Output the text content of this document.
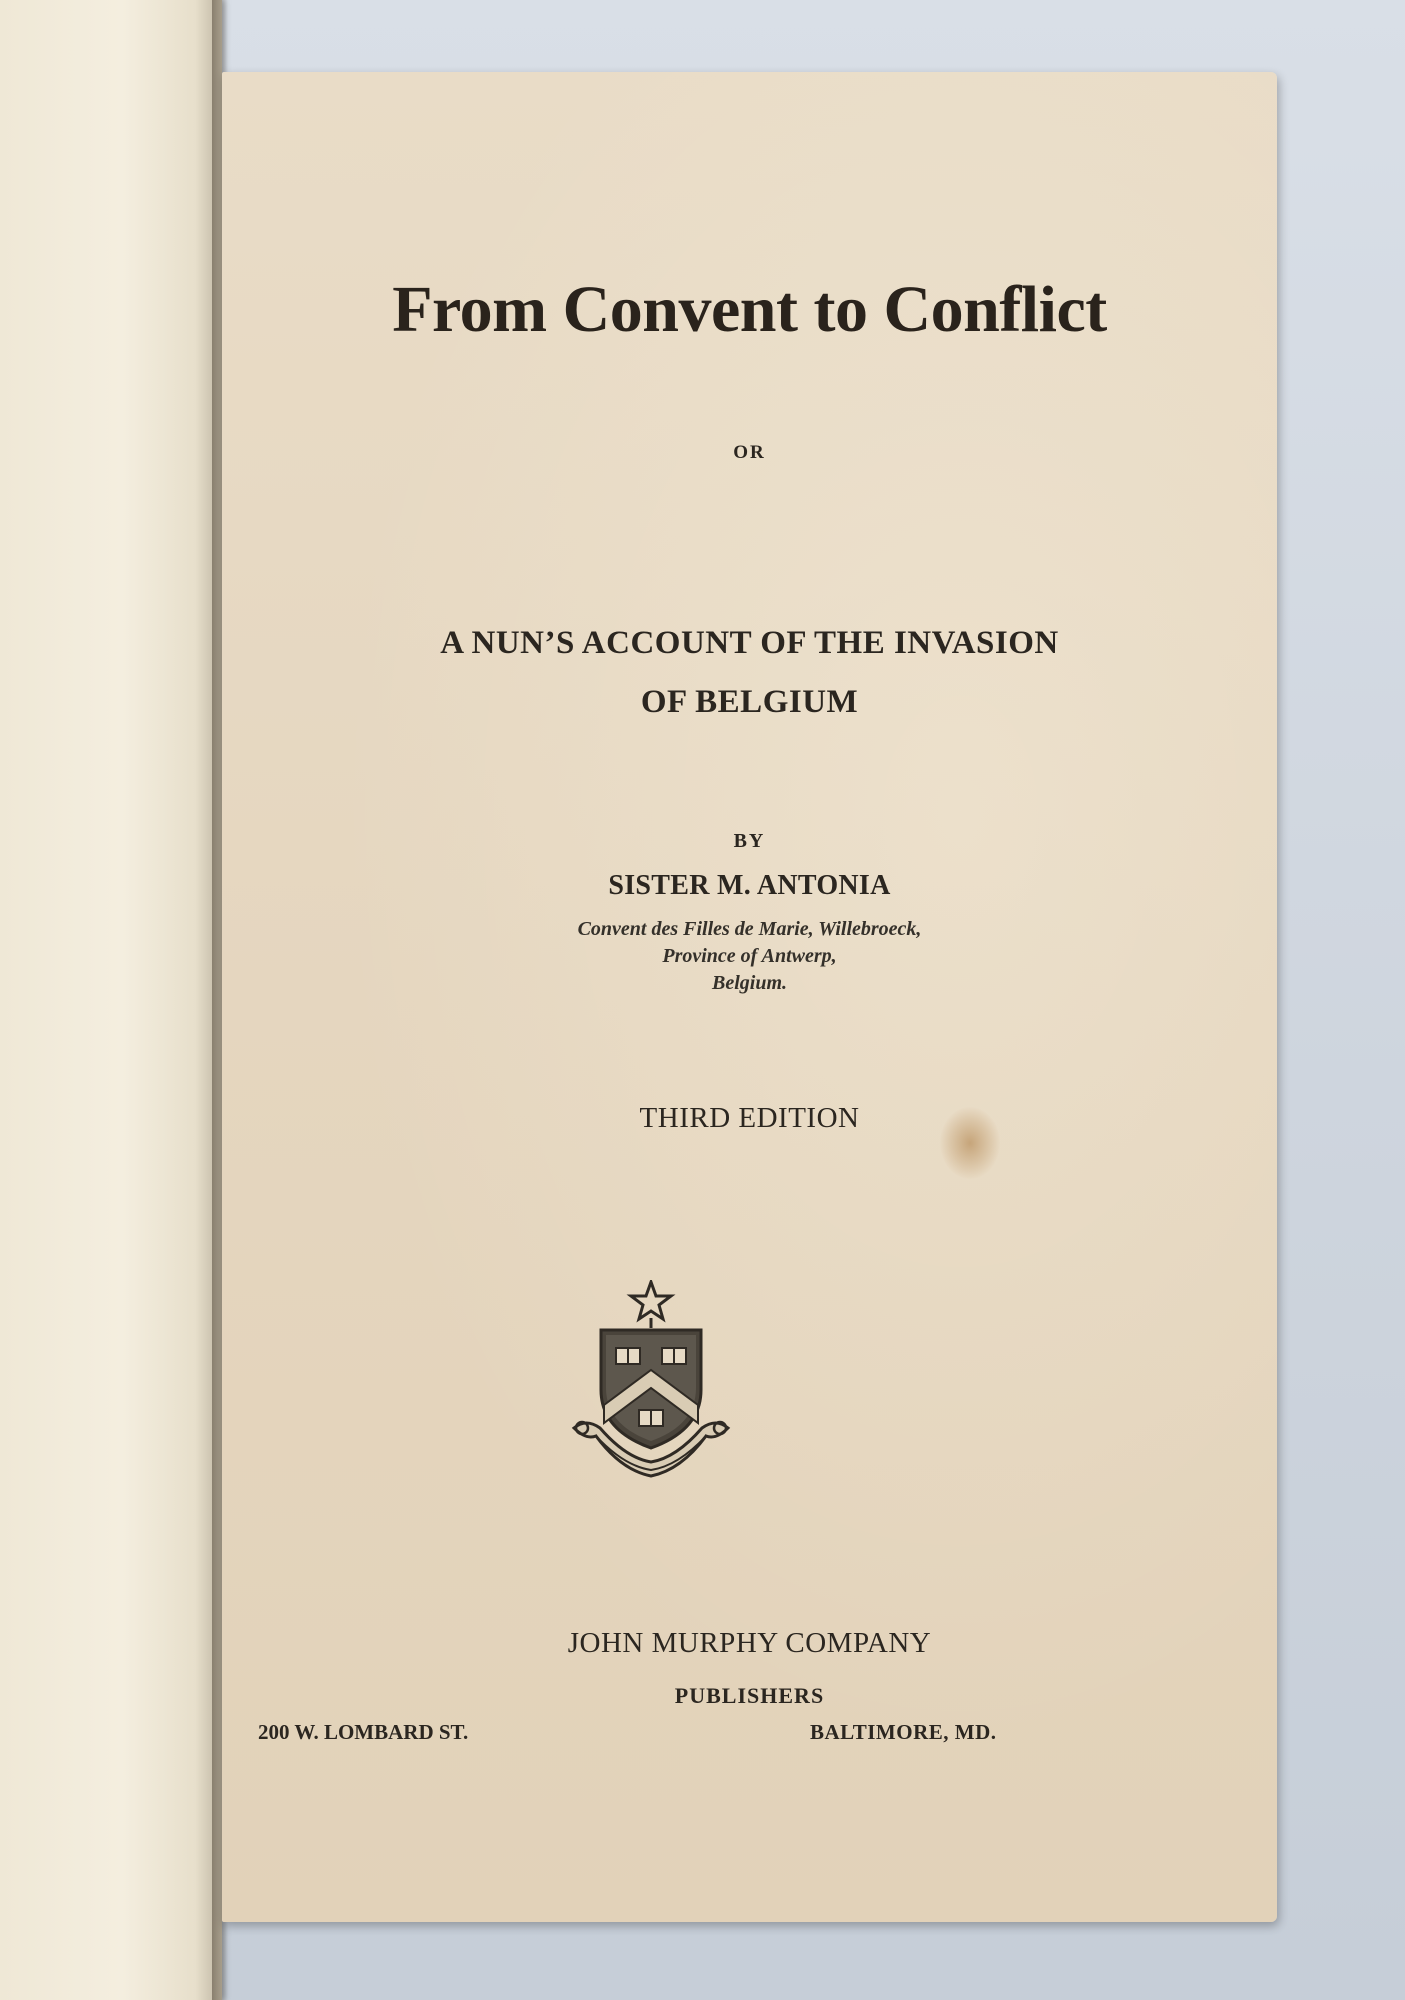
From Convent to Conflict
OR
A NUN’S ACCOUNT OF THE INVASION
OF BELGIUM
BY
SISTER M. ANTONIA
Convent des Filles de Marie, Willebroeck,
Province of Antwerp,
Belgium.
THIRD EDITION
JOHN MURPHY COMPANY
PUBLISHERS
200 W. LOMBARD ST.	BALTIMORE, MD.
